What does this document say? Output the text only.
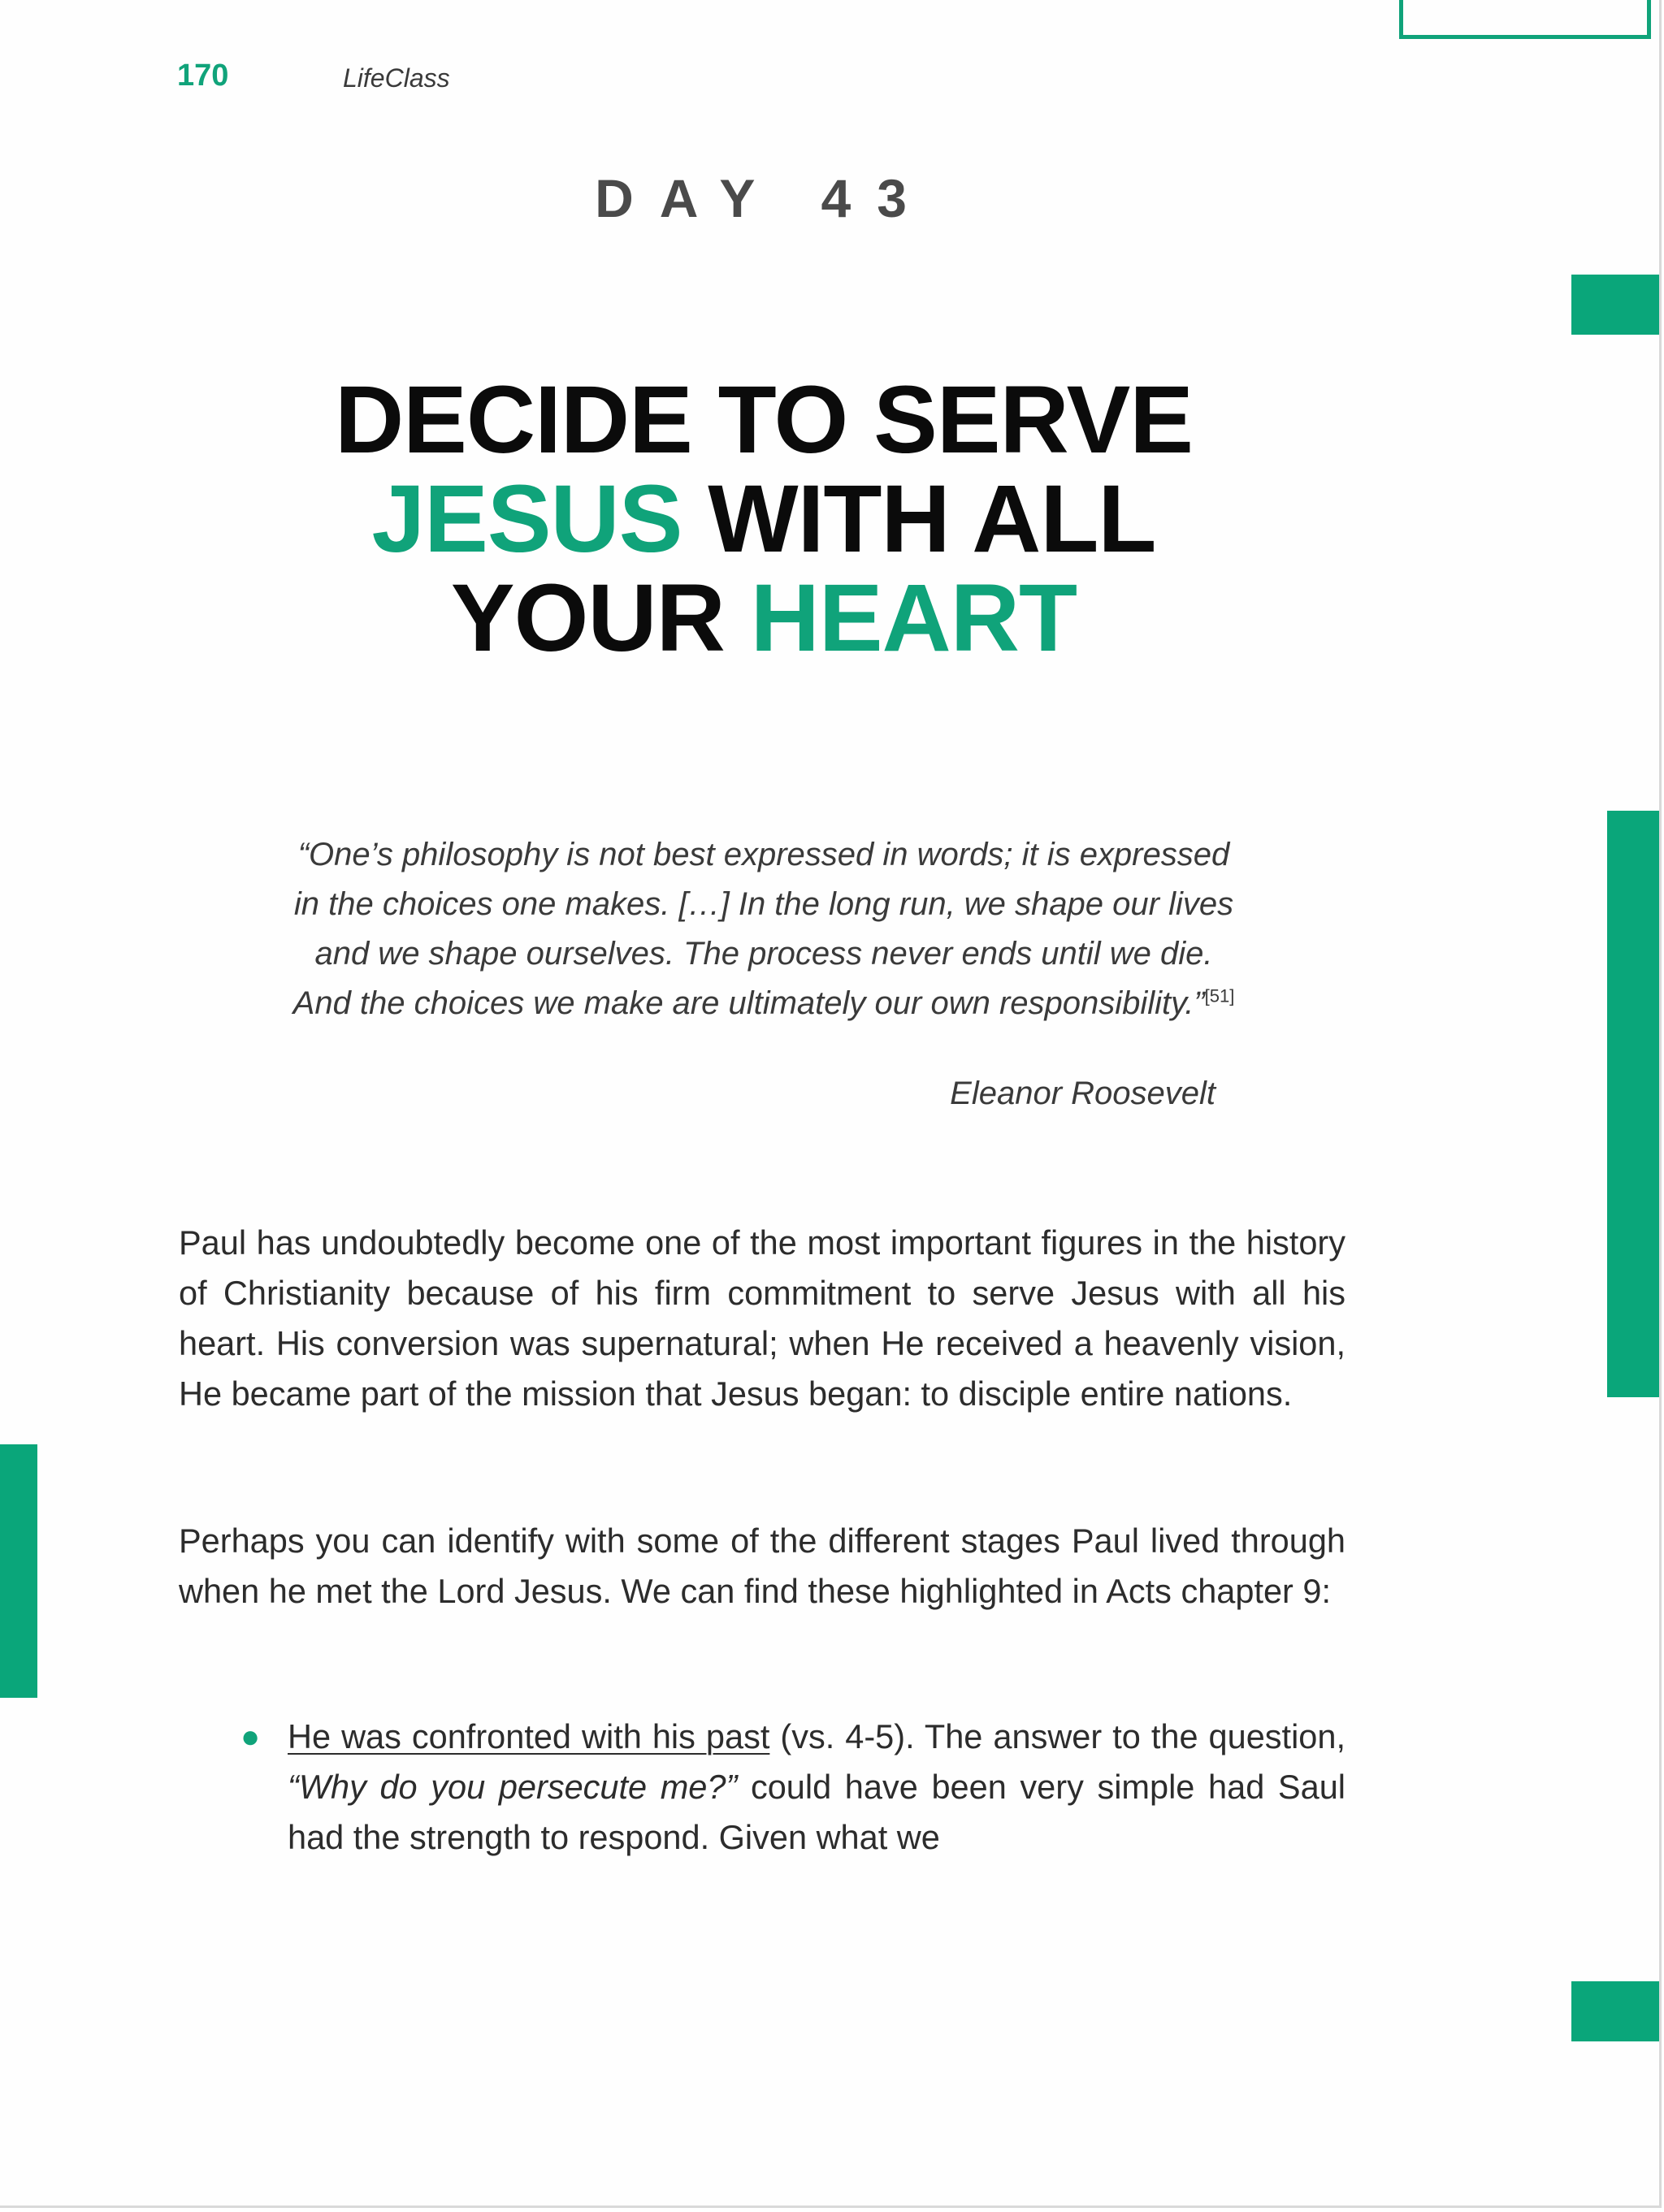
170	LifeClass
DAY 43
DECIDE TO SERVE
JESUS WITH ALL
YOUR HEART
“One’s philosophy is not best expressed in words; it is expressed in the choices one makes. […] In the long run, we shape our lives and we shape ourselves. The process never ends until we die. And the choices we make are ultimately our own responsibility.”[51]
Eleanor Roosevelt

Paul has undoubtedly become one of the most important figures in the history of Christianity because of his firm commitment to serve Jesus with all his heart. His conversion was supernatural; when He received a heavenly vision, He became part of the mission that Jesus began: to disciple entire nations.

Perhaps you can identify with some of the different stages Paul lived through when he met the Lord Jesus. We can find these highlighted in Acts chapter 9:

● He was confronted with his past (vs. 4-5). The answer to the question, “Why do you persecute me?” could have been very simple had Saul had the strength to respond. Given what we
